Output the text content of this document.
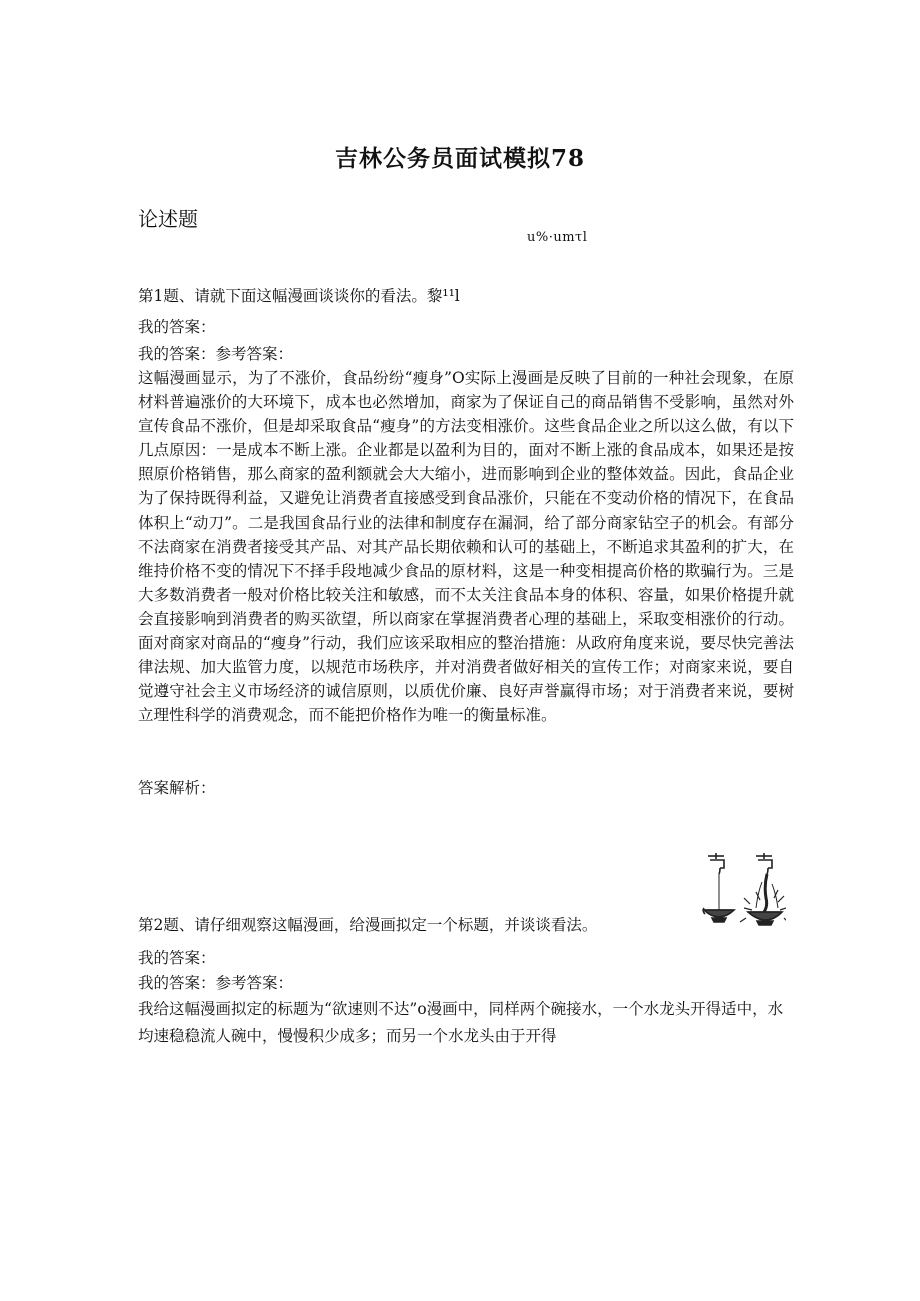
吉林公务员面试模拟78
论述题
u%·umτl
第1题、请就下面这幅漫画谈谈你的看法。黎¹¹l
我的答案：
我的答案：参考答案：

这幅漫画显示，为了不涨价，食品纷纷“瘦身”O实际上漫画是反映了目前的一种社会现象，在原材料普遍涨价的大环境下，成本也必然增加，商家为了保证自己的商品销售不受影响，虽然对外宣传食品不涨价，但是却采取食品“瘦身”的方法变相涨价。这些食品企业之所以这么做，有以下几点原因：一是成本不断上涨。企业都是以盈利为目的，面对不断上涨的食品成本，如果还是按照原价格销售，那么商家的盈利额就会大大缩小，进而影响到企业的整体效益。因此，食品企业为了保持既得利益，又避免让消费者直接感受到食品涨价，只能在不变动价格的情况下，在食品体积上“动刀”。二是我国食品行业的法律和制度存在漏洞，给了部分商家钻空子的机会。有部分不法商家在消费者接受其产品、对其产品长期依赖和认可的基础上，不断追求其盈利的扩大，在维持价格不变的情况下不择手段地减少食品的原材料，这是一种变相提高价格的欺骗行为。三是大多数消费者一般对价格比较关注和敏感，而不太关注食品本身的体积、容量，如果价格提升就会直接影响到消费者的购买欲望，所以商家在掌握消费者心理的基础上，采取变相涨价的行动。面对商家对商品的“瘦身”行动，我们应该采取相应的整治措施：从政府角度来说，要尽快完善法律法规、加大监管力度，以规范市场秩序，并对消费者做好相关的宣传工作；对商家来说，要自觉遵守社会主义市场经济的诚信原则，以质优价廉、良好声誉赢得市场；对于消费者来说，要树立理性科学的消费观念，而不能把价格作为唯一的衡量标准。

答案解析：
第2题、请仔细观察这幅漫画，给漫画拟定一个标题，并谈谈看法。
我的答案：
我的答案：参考答案：

我给这幅漫画拟定的标题为“欲速则不达”o漫画中，同样两个碗接水，一个水龙头开得适中，水均速稳稳流人碗中，慢慢积少成多；而另一个水龙头由于开得
